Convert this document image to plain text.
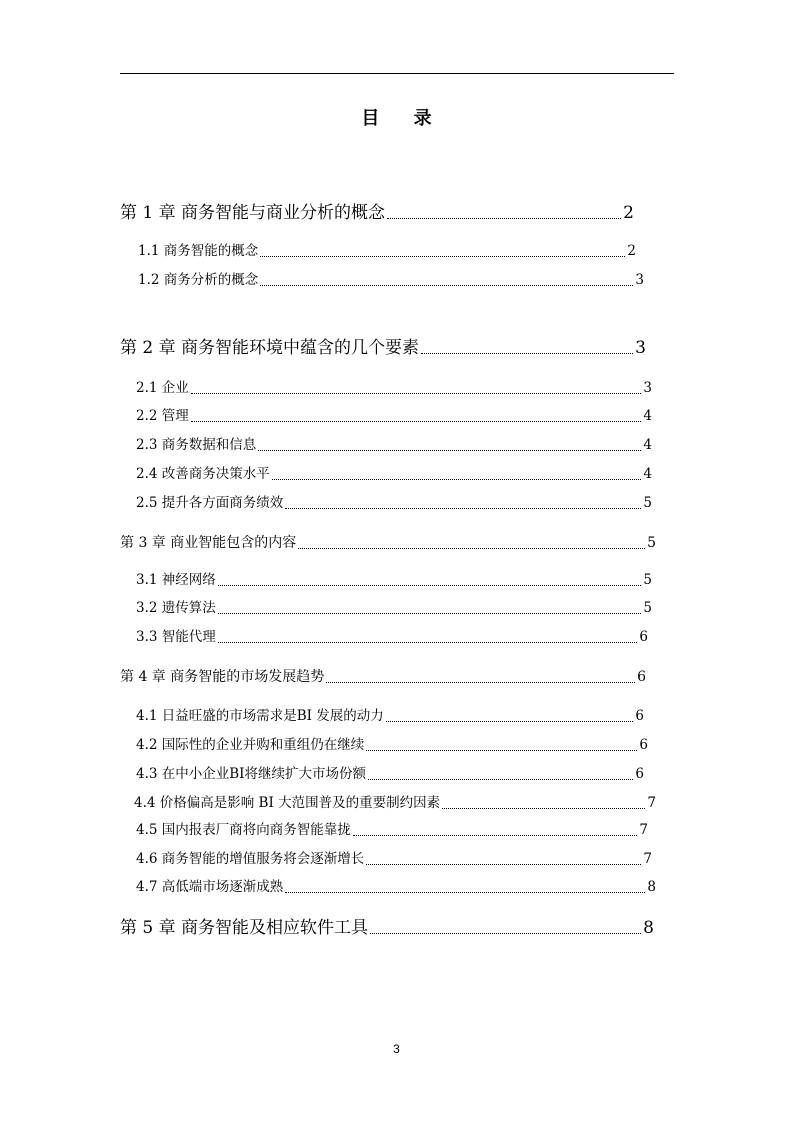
目 录
第 1 章 商务智能与商业分析的概念	2
1.1 商务智能的概念	2
1.2 商务分析的概念	3
第 2 章 商务智能环境中蕴含的几个要素	3
2.1 企业	3
2.2 管理	4
2.3 商务数据和信息	4
2.4 改善商务决策水平	4
2.5 提升各方面商务绩效	5
第 3 章 商业智能包含的内容	5
3.1 神经网络	5
3.2 遗传算法	5
3.3 智能代理	6
第 4 章 商务智能的市场发展趋势	6
4.1 日益旺盛的市场需求是BI 发展的动力	6
4.2 国际性的企业并购和重组仍在继续	6
4.3 在中小企业BI将继续扩大市场份额	6
4.4 价格偏高是影响 BI 大范围普及的重要制约因素	7
4.5 国内报表厂商将向商务智能靠拢	7
4.6 商务智能的增值服务将会逐渐增长	7
4.7 高低端市场逐渐成熟	8
第 5 章 商务智能及相应软件工具	8
3
